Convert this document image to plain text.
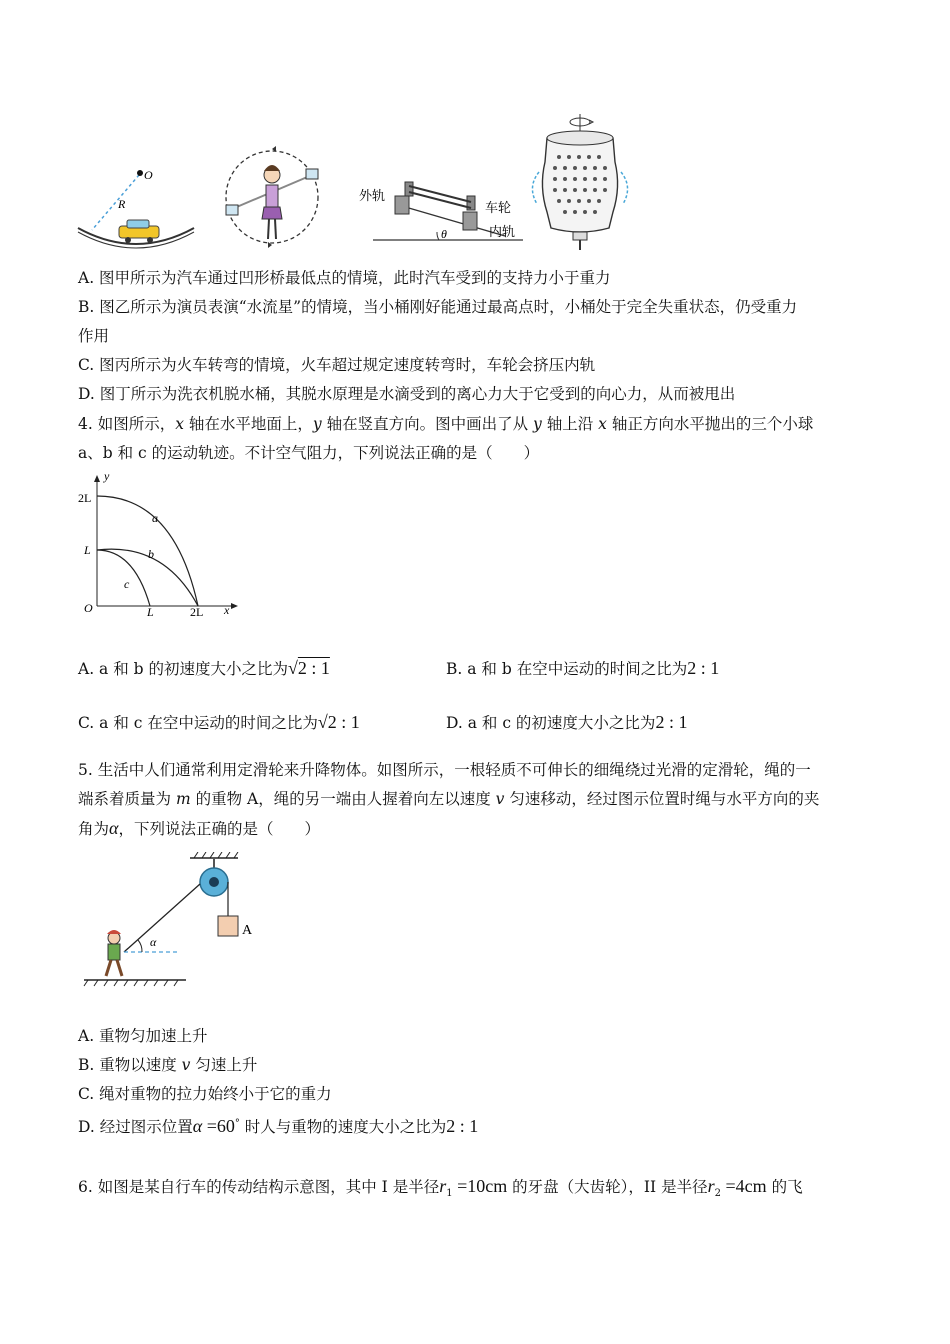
O
R	外轨
车轮
内轨
θ
A. 图甲所示为汽车通过凹形桥最低点的情境，此时汽车受到的支持力小于重力
B. 图乙所示为演员表演“水流星”的情境，当小桶刚好能通过最高点时，小桶处于完全失重状态，仍受重力
作用
C. 图丙所示为火车转弯的情境，火车超过规定速度转弯时，车轮会挤压内轨
D. 图丁所示为洗衣机脱水桶，其脱水原理是水滴受到的离心力大于它受到的向心力，从而被甩出
4. 如图所示，x 轴在水平地面上，y 轴在竖直方向。图中画出了从 y 轴上沿 x 轴正方向水平抛出的三个小球
a、b 和 c 的运动轨迹。不计空气阻力，下列说法正确的是（　　）
y
x
O
2L
L
L	2L
a
b
c
A. a 和 b 的初速度大小之比为√2 : 1	B. a 和 b 在空中运动的时间之比为2 : 1
C. a 和 c 在空中运动的时间之比为√2 : 1	D. a 和 c 的初速度大小之比为2 : 1
5. 生活中人们通常利用定滑轮来升降物体。如图所示，一根轻质不可伸长的细绳绕过光滑的定滑轮，绳的一
端系着质量为 m 的重物 A，绳的另一端由人握着向左以速度 v 匀速移动，经过图示位置时绳与水平方向的夹
角为α，下列说法正确的是（　　）
A
α
A. 重物匀加速上升
B. 重物以速度 v 匀速上升
C. 绳对重物的拉力始终小于它的重力
D. 经过图示位置α =60° 时人与重物的速度大小之比为2 : 1
6. 如图是某自行车的传动结构示意图，其中 I 是半径$r_1 =10cm$ 的牙盘（大齿轮），II 是半径$r_2 =4cm$ 的飞
